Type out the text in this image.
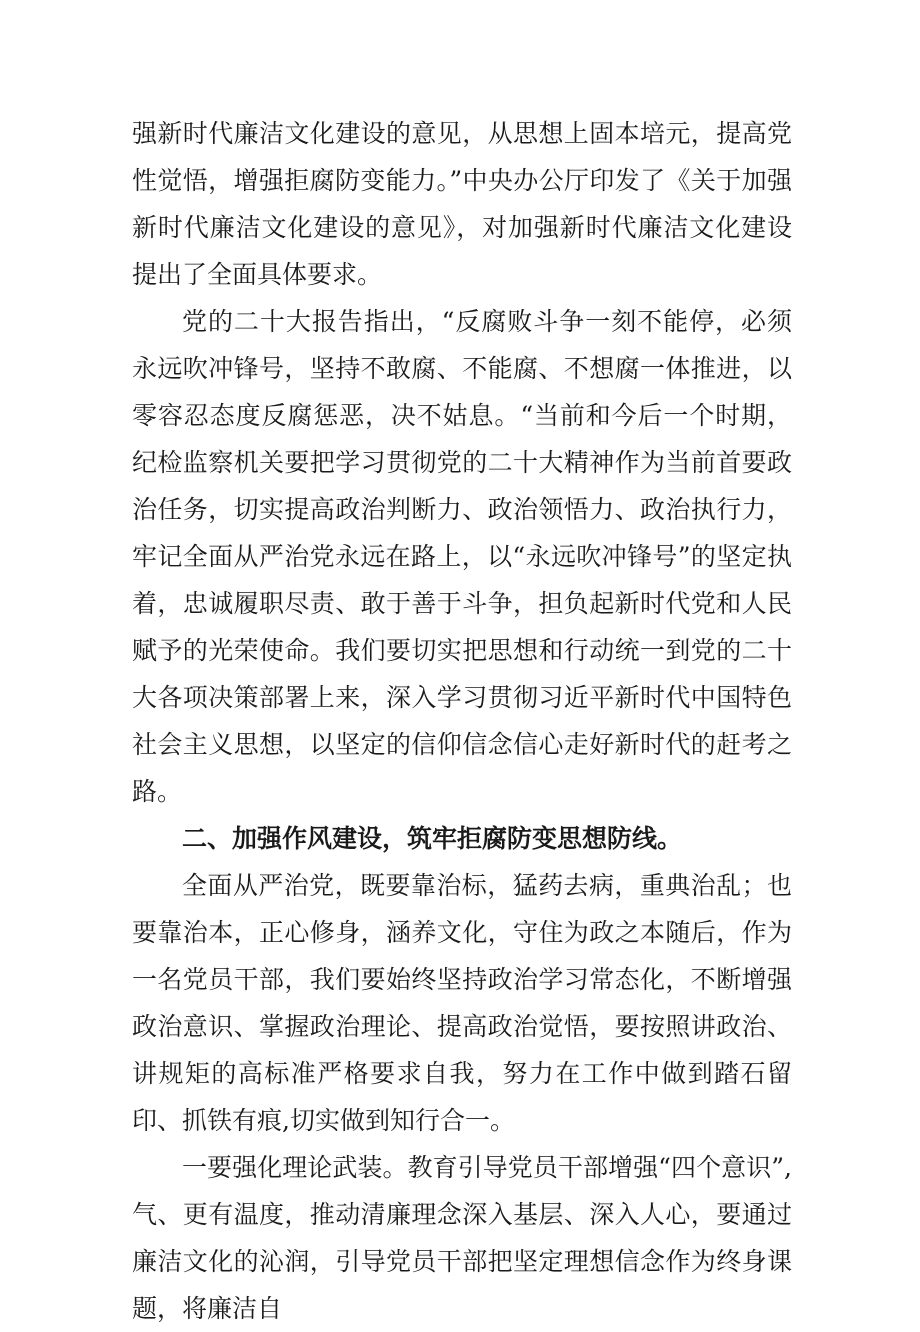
强新时代廉洁文化建设的意见，从思想上固本培元，提高党性觉悟，增强拒腐防变能力。”中央办公厅印发了《关于加强新时代廉洁文化建设的意见》，对加强新时代廉洁文化建设提出了全面具体要求。

党的二十大报告指出，“反腐败斗争一刻不能停，必须永远吹冲锋号，坚持不敢腐、不能腐、不想腐一体推进，以零容忍态度反腐惩恶，决不姑息。“当前和今后一个时期，纪检监察机关要把学习贯彻党的二十大精神作为当前首要政治任务，切实提高政治判断力、政治领悟力、政治执行力，牢记全面从严治党永远在路上，以“永远吹冲锋号”的坚定执着，忠诚履职尽责、敢于善于斗争，担负起新时代党和人民赋予的光荣使命。我们要切实把思想和行动统一到党的二十大各项决策部署上来，深入学习贯彻习近平新时代中国特色社会主义思想，以坚定的信仰信念信心走好新时代的赶考之路。

二、加强作风建设，筑牢拒腐防变思想防线。

全面从严治党，既要靠治标，猛药去病，重典治乱；也要靠治本，正心修身，涵养文化，守住为政之本随后，作为一名党员干部，我们要始终坚持政治学习常态化，不断增强政治意识、掌握政治理论、提高政治觉悟，要按照讲政治、讲规矩的高标准严格要求自我，努力在工作中做到踏石留印、抓铁有痕,切实做到知行合一。

一要强化理论武装。教育引导党员干部增强“四个意识”,气、更有温度，推动清廉理念深入基层、深入人心，要通过廉洁文化的沁润，引导党员干部把坚定理想信念作为终身课题，将廉洁自
